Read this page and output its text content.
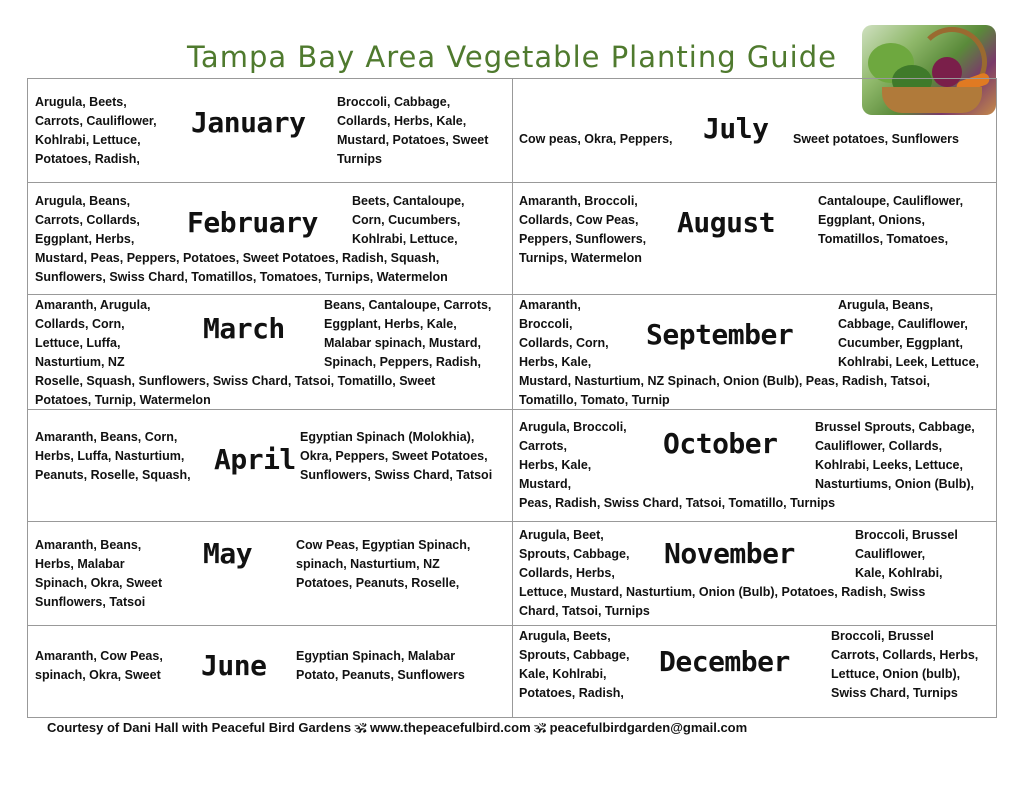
Tampa Bay Area Vegetable Planting Guide
Arugula, Beets,
Carrots, Cauliflower,
Kohlrabi, Lettuce,
Potatoes, Radish,
January
Broccoli, Cabbage,
Collards, Herbs, Kale,
Mustard, Potatoes, Sweet
Turnips
Arugula, Beans,
Carrots, Collards,
Eggplant, Herbs, February
Beets, Cantaloupe,
Corn, Cucumbers,
Kohlrabi, Lettuce,
Mustard, Peas, Peppers, Potatoes, Sweet Potatoes, Radish, Squash,
Sunflowers, Swiss Chard, Tomatillos, Tomatoes, Turnips, Watermelon
Amaranth, Arugula,
Collards, Corn,
Lettuce, Luffa,
Nasturtium, NZ
March
Beans, Cantaloupe, Carrots,
Eggplant, Herbs, Kale,
Malabar spinach, Mustard,
Spinach, Peppers, Radish,
Roselle, Squash, Sunflowers, Swiss Chard, Tatsoi, Tomatillo, Sweet
Potatoes, Turnip, Watermelon
Amaranth, Beans, Corn,
Herbs, Luffa, Nasturtium,
Peanuts, Roselle, Squash, April
Egyptian Spinach (Molokhia),
Okra, Peppers, Sweet Potatoes,
Sunflowers, Swiss Chard, Tatsoi
Amaranth, Beans,
Herbs, Malabar
Spinach, Okra, Sweet
Sunflowers, Tatsoi
May	Cow Peas, Egyptian Spinach,
spinach, Nasturtium, NZ
Potatoes, Peanuts, Roselle,
Amaranth, Cow Peas,
spinach, Okra, Sweet June Egyptian Spinach, Malabar
Potato, Peanuts, Sunflowers
Cow peas, Okra, Peppers, July Sweet potatoes, Sunflowers
Amaranth, Broccoli,
Collards, Cow Peas,
Peppers, Sunflowers,
Turnips, Watermelon
August
Cantaloupe, Cauliflower,
Eggplant, Onions,
Tomatillos, Tomatoes,
Amaranth,
Broccoli,
Collards, Corn,
Herbs, Kale,
September
Arugula, Beans,
Cabbage, Cauliflower,
Cucumber, Eggplant,
Kohlrabi, Leek, Lettuce,
Mustard, Nasturtium, NZ Spinach, Onion (Bulb), Peas, Radish, Tatsoi,
Tomatillo, Tomato, Turnip
Arugula, Broccoli,
Carrots,
Herbs, Kale,
Mustard,
October	Brussel Sprouts, Cabbage,
Cauliflower, Collards,
Kohlrabi, Leeks, Lettuce,
Nasturtiums, Onion (Bulb),
Peas, Radish, Swiss Chard, Tatsoi, Tomatillo, Turnips
Arugula, Beet,
Sprouts, Cabbage,
Collards, Herbs,
November
Broccoli, Brussel
Cauliflower,
Kale, Kohlrabi,
Lettuce, Mustard, Nasturtium, Onion (Bulb), Potatoes, Radish, Swiss
Chard, Tatsoi, Turnips
Arugula, Beets,
Sprouts, Cabbage,
Kale, Kohlrabi,
Potatoes, Radish,
December
Broccoli, Brussel
Carrots, Collards, Herbs,
Lettuce, Onion (bulb),
Swiss Chard, Turnips
Courtesy of Dani Hall with Peaceful Bird Gardens 🕉 www.thepeacefulbird.com 🕉 peacefulbirdgarden@gmail.com
